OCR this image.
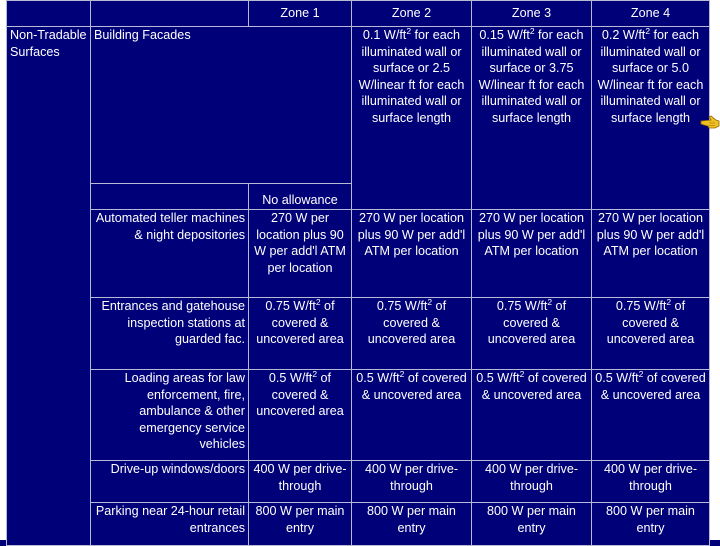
		Zone 1	Zone 2	Zone 3	Zone 4
Non-Tradable Surfaces	Building Facades		0.1 $W/ft^2$ for each illuminated wall or surface or 2.5 W/linear ft for each illuminated wall or surface length	0.15 $W/ft^2$ for each illuminated wall or surface or 3.75 W/linear ft for each illuminated wall or surface length	0.2 $W/ft^2$ for each illuminated wall or surface or 5.0 W/linear ft for each illuminated wall or surface length
		No allowance			
	Automated teller machines & night depositories	270 W per location plus 90 W per add'l ATM per location	270 W per location plus 90 W per add'l ATM per location	270 W per location plus 90 W per add'l ATM per location	270 W per location plus 90 W per add'l ATM per location
	Entrances and gatehouse inspection stations at guarded fac.	0.75 $W/ft^2$ of covered & uncovered area	0.75 $W/ft^2$ of covered & uncovered area	0.75 $W/ft^2$ of covered & uncovered area	0.75 $W/ft^2$ of covered & uncovered area
	Loading areas for law enforcement, fire, ambulance & other emergency service vehicles	0.5 $W/ft^2$ of covered & uncovered area	0.5 $W/ft^2$ of covered & uncovered area	0.5 $W/ft^2$ of covered & uncovered area	0.5 $W/ft^2$ of covered & uncovered area
	Drive-up windows/doors	400 W per drive-through	400 W per drive-through	400 W per drive-through	400 W per drive-through
	Parking near 24-hour retail entrances	800 W per main entry	800 W per main entry	800 W per main entry	800 W per main entry
